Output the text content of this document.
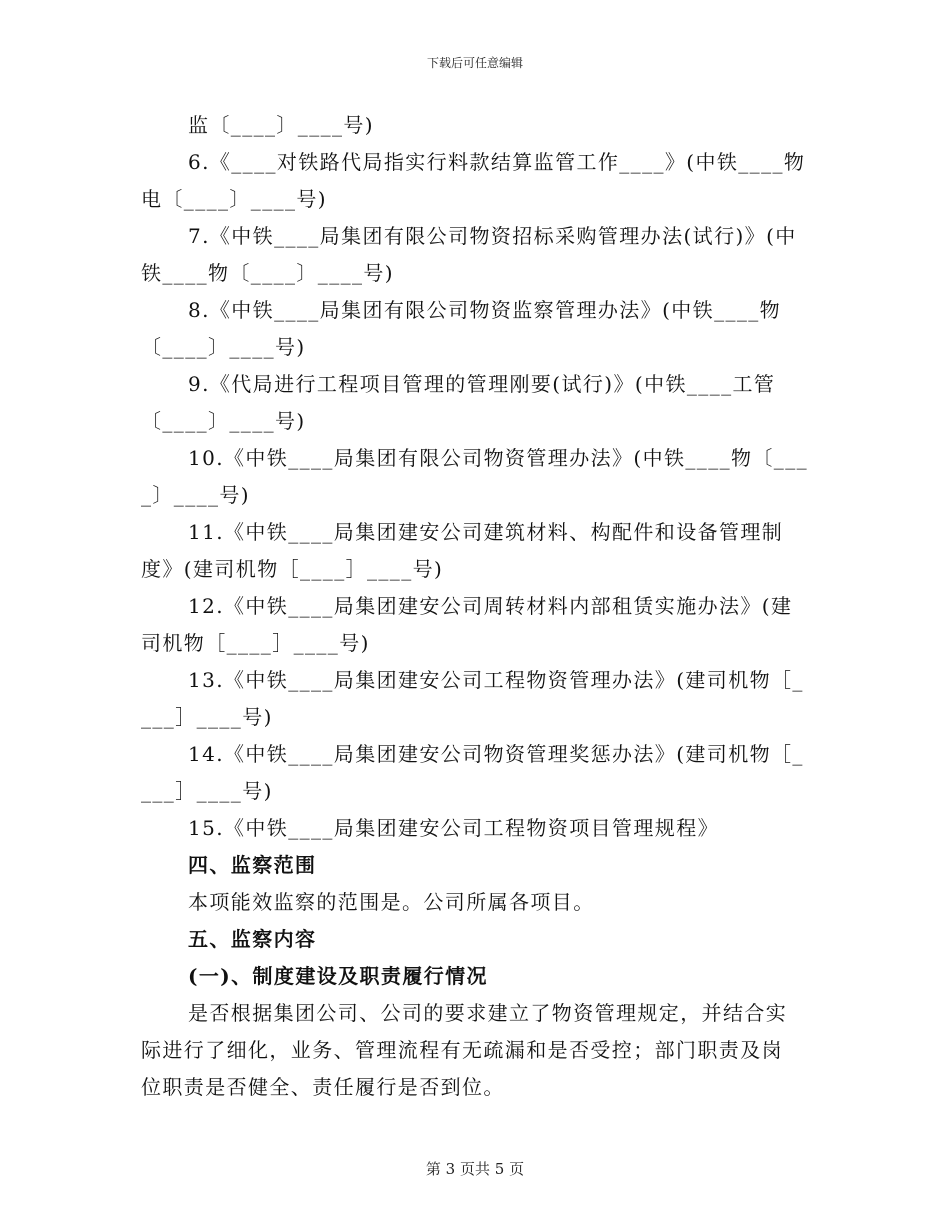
下载后可任意编辑
监〔____〕____号)
6.《____对铁路代局指实行料款结算监管工作____》(中铁____物
电〔____〕____号)
7.《中铁____局集团有限公司物资招标采购管理办法(试行)》(中
铁____物〔____〕____号)
8.《中铁____局集团有限公司物资监察管理办法》(中铁____物
〔____〕____号)
9.《代局进行工程项目管理的管理刚要(试行)》(中铁____工管
〔____〕____号)
10.《中铁____局集团有限公司物资管理办法》(中铁____物〔___
_〕____号)
11.《中铁____局集团建安公司建筑材料、构配件和设备管理制
度》(建司机物［____］____号)
12.《中铁____局集团建安公司周转材料内部租赁实施办法》(建
司机物［____］____号)
13.《中铁____局集团建安公司工程物资管理办法》(建司机物［_
___］____号)
14.《中铁____局集团建安公司物资管理奖惩办法》(建司机物［_
___］____号)
15.《中铁____局集团建安公司工程物资项目管理规程》
四、监察范围
本项能效监察的范围是。公司所属各项目。
五、监察内容
(一)、制度建设及职责履行情况
是否根据集团公司、公司的要求建立了物资管理规定，并结合实
际进行了细化，业务、管理流程有无疏漏和是否受控；部门职责及岗
位职责是否健全、责任履行是否到位。
第 3 页共 5 页
